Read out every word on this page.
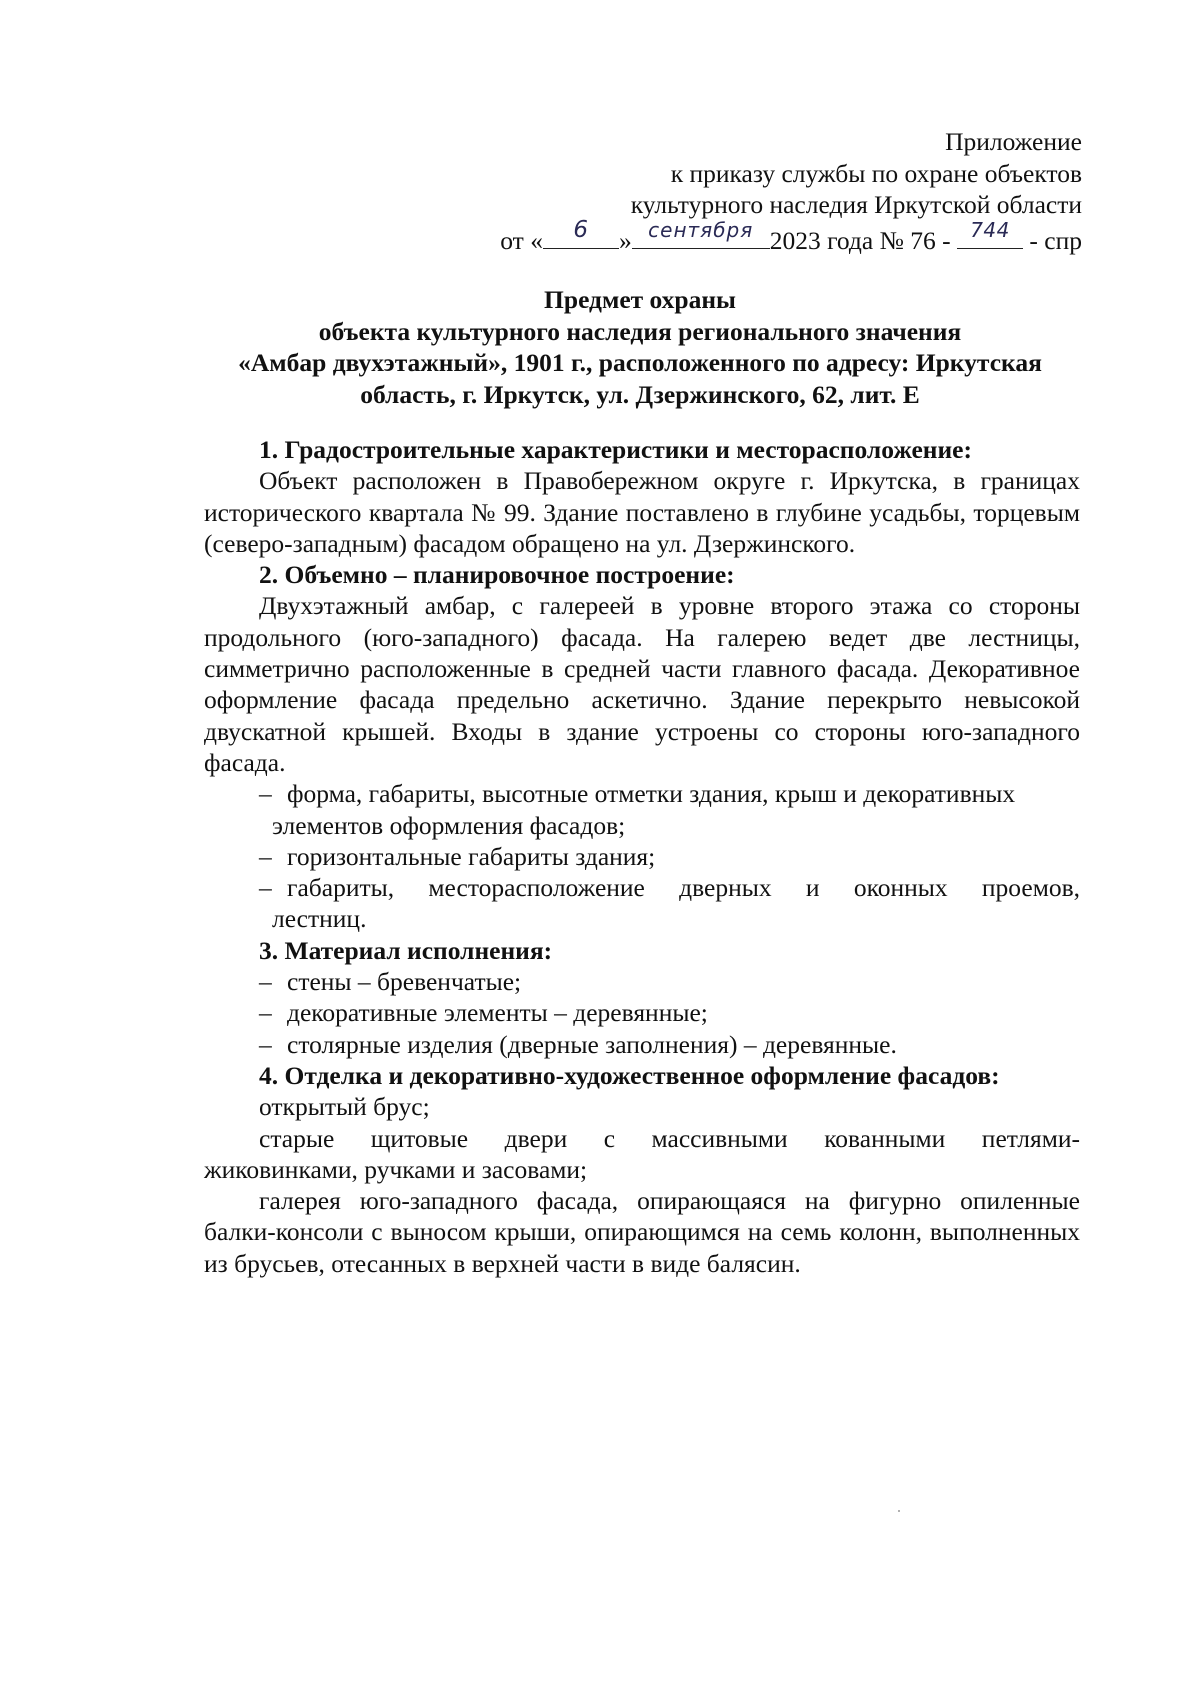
Приложение
к приказу службы по охране объектов
культурного наследия Иркутской области
от «	6	» сентября 2023 года № 76 - 744 - спр
Предмет охраны
объекта культурного наследия регионального значения
«Амбар двухэтажный», 1901 г., расположенного по адресу: Иркутская
область, г. Иркутск, ул. Дзержинского, 62, лит. Е

1. Градостроительные характеристики и месторасположение:

Объект расположен в Правобережном округе г. Иркутска, в границах исторического квартала № 99. Здание поставлено в глубине усадьбы, торцевым (северо-западным) фасадом обращено на ул. Дзержинского.

2. Объемно – планировочное построение:

Двухэтажный амбар, с галереей в уровне второго этажа со стороны продольного (юго-западного) фасада. На галерею ведет две лестницы, симметрично расположенные в средней части главного фасада. Декоративное оформление фасада предельно аскетично. Здание перекрыто невысокой двускатной крышей. Входы в здание устроены со стороны юго-западного фасада.

– форма, габариты, высотные отметки здания, крыш и декоративных

элементов оформления фасадов;

– горизонтальные габариты здания;
– габариты, месторасположение дверных и оконных проемов,

лестниц.

3. Материал исполнения:

– стены – бревенчатые;
– декоративные элементы – деревянные;
– столярные изделия (дверные заполнения) – деревянные.

4. Отделка и декоративно-художественное оформление фасадов:

открытый брус;

старые щитовые двери с массивными кованными петлями-

жиковинками, ручками и засовами;

галерея юго-западного фасада, опирающаяся на фигурно опиленные балки-консоли с выносом крыши, опирающимся на семь колонн, выполненных из брусьев, отесанных в верхней части в виде балясин.
